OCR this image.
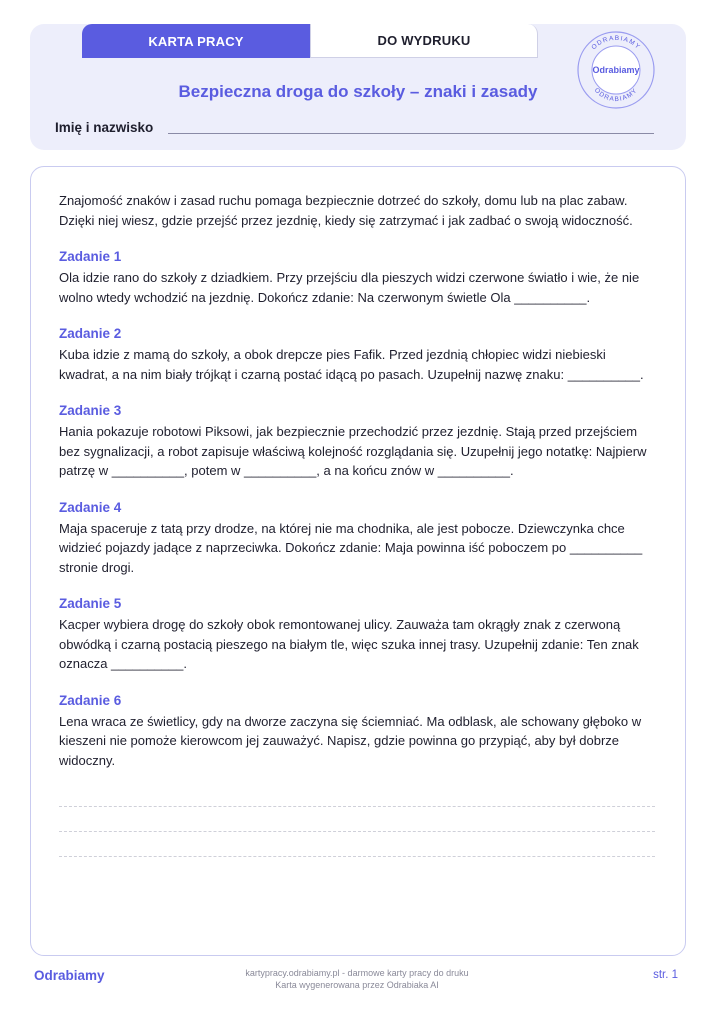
KARTA PRACY	DO WYDRUKU
Bezpieczna droga do szkoły – znaki i zasady
Imię i nazwisko
ODRABIAMY
ODRABIAMY
Odrabiamy

Znajomość znaków i zasad ruchu pomaga bezpiecznie dotrzeć do szkoły, domu lub na plac zabaw. Dzięki niej wiesz, gdzie przejść przez jezdnię, kiedy się zatrzymać i jak zadbać o swoją widoczność.

Zadanie 1

Ola idzie rano do szkoły z dziadkiem. Przy przejściu dla pieszych widzi czerwone światło i wie, że nie wolno wtedy wchodzić na jezdnię. Dokończ zdanie: Na czerwonym świetle Ola __________.

Zadanie 2

Kuba idzie z mamą do szkoły, a obok drepcze pies Fafik. Przed jezdnią chłopiec widzi niebieski kwadrat, a na nim biały trójkąt i czarną postać idącą po pasach. Uzupełnij nazwę znaku: __________.

Zadanie 3

Hania pokazuje robotowi Piksowi, jak bezpiecznie przechodzić przez jezdnię. Stają przed przejściem bez sygnalizacji, a robot zapisuje właściwą kolejność rozglądania się. Uzupełnij jego notatkę: Najpierw patrzę w __________, potem w __________, a na końcu znów w __________.

Zadanie 4

Maja spaceruje z tatą przy drodze, na której nie ma chodnika, ale jest pobocze. Dziewczynka chce widzieć pojazdy jadące z naprzeciwka. Dokończ zdanie: Maja powinna iść poboczem po __________ stronie drogi.

Zadanie 5

Kacper wybiera drogę do szkoły obok remontowanej ulicy. Zauważa tam okrągły znak z czerwoną obwódką i czarną postacią pieszego na białym tle, więc szuka innej trasy. Uzupełnij zdanie: Ten znak oznacza __________.

Zadanie 6

Lena wraca ze świetlicy, gdy na dworze zaczyna się ściemniać. Ma odblask, ale schowany głęboko w kieszeni nie pomoże kierowcom jej zauważyć. Napisz, gdzie powinna go przypiąć, aby był dobrze widoczny.

Odrabiamy	kartypracy.odrabiamy.pl - darmowe karty pracy do druku
Karta wygenerowana przez Odrabiaka AI
str. 1
